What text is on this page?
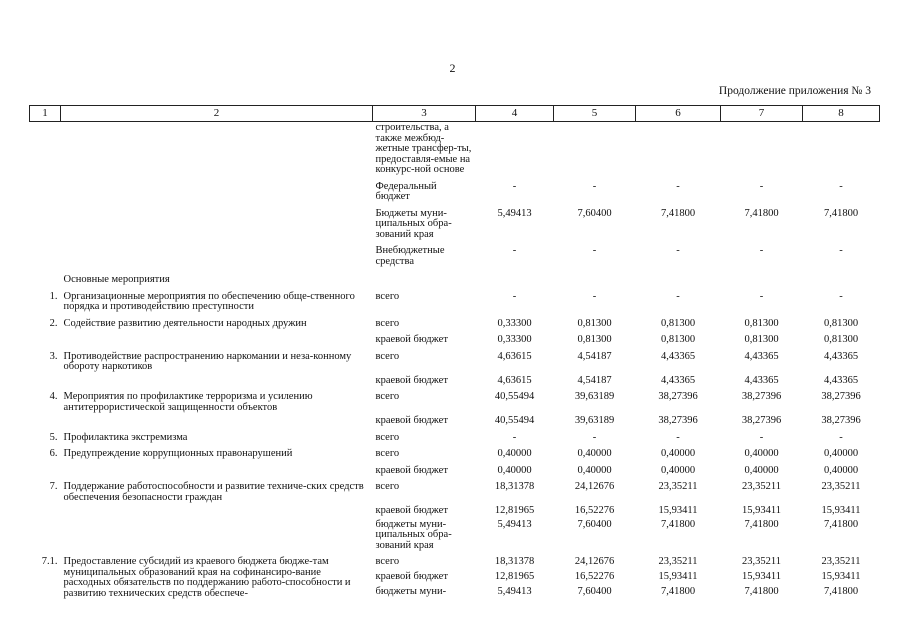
2
Продолжение приложения № 3
1	2	3	4	5	6	7	8
		строительства, а также межбюд-жетные трансфер-ты, предоставля-емые на конкурс-ной основе					
		Федеральный бюджет	-	-	-	-	-
		Бюджеты муни-ципальных обра-зований края	5,49413	7,60400	7,41800	7,41800	7,41800
		Внебюджетные средства	-	-	-	-	-
	Основные мероприятия						
1.	Организационные мероприятия по обеспечению обще-ственного порядка и противодействию преступности	всего	-	-	-	-	-
2.	Содействие развитию деятельности народных дружин	всего	0,33300	0,81300	0,81300	0,81300	0,81300
		краевой бюджет	0,33300	0,81300	0,81300	0,81300	0,81300
3.	Противодействие распространению наркомании и неза-конному обороту наркотиков	всего	4,63615	4,54187	4,43365	4,43365	4,43365
		краевой бюджет	4,63615	4,54187	4,43365	4,43365	4,43365
4.	Мероприятия по профилактике терроризма и усилению антитеррористической защищенности объектов	всего	40,55494	39,63189	38,27396	38,27396	38,27396
		краевой бюджет	40,55494	39,63189	38,27396	38,27396	38,27396
5.	Профилактика экстремизма	всего	-	-	-	-	-
6.	Предупреждение коррупционных правонарушений	всего	0,40000	0,40000	0,40000	0,40000	0,40000
		краевой бюджет	0,40000	0,40000	0,40000	0,40000	0,40000
7.	Поддержание работоспособности и развитие техниче-ских средств обеспечения безопасности граждан	всего	18,31378	24,12676	23,35211	23,35211	23,35211
		краевой бюджет	12,81965	16,52276	15,93411	15,93411	15,93411
		бюджеты муни-ципальных обра-зований края	5,49413	7,60400	7,41800	7,41800	7,41800
7.1.	Предоставление субсидий из краевого бюджета бюдже-там муниципальных образований края на софинансиро-вание расходных обязательств по поддержанию работо-способности и развитию технических средств обеспече-	всего	18,31378	24,12676	23,35211	23,35211	23,35211
		краевой бюджет	12,81965	16,52276	15,93411	15,93411	15,93411
		бюджеты муни-	5,49413	7,60400	7,41800	7,41800	7,41800
